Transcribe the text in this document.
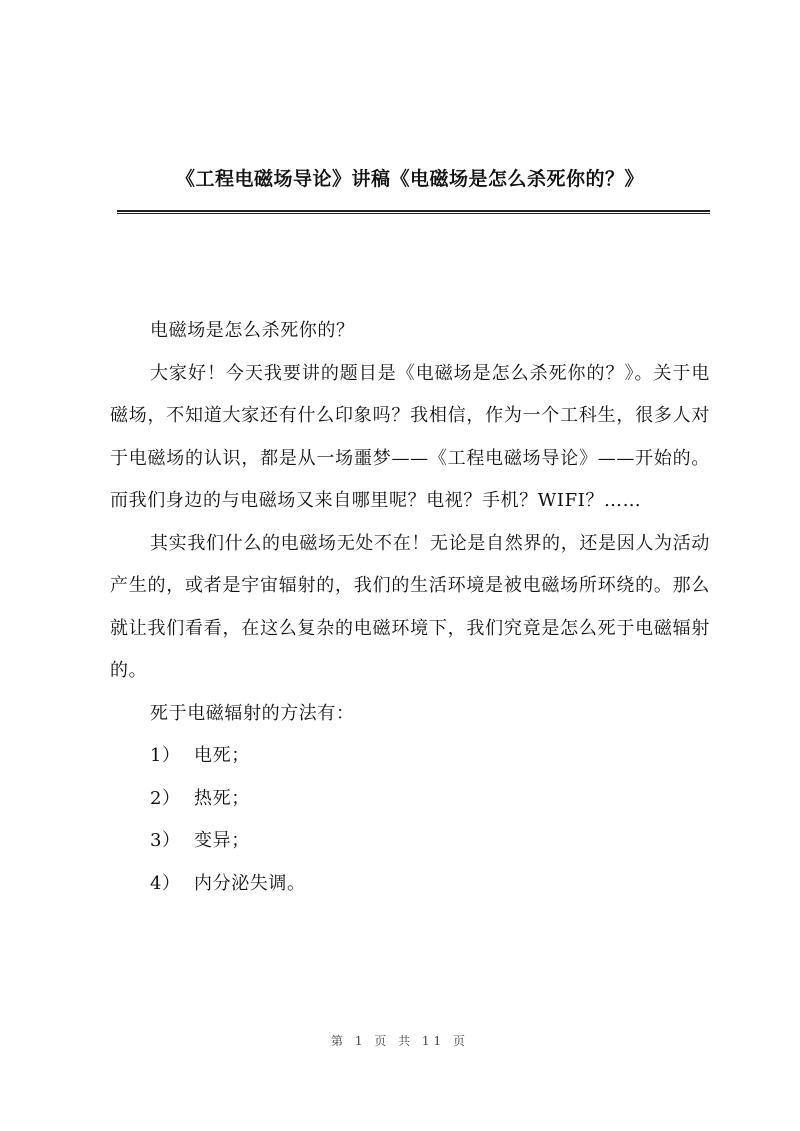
《工程电磁场导论》讲稿《电磁场是怎么杀死你的？》

电磁场是怎么杀死你的？

大家好！今天我要讲的题目是《电磁场是怎么杀死你的？》。关于电磁场，不知道大家还有什么印象吗？我相信，作为一个工科生，很多人对于电磁场的认识，都是从一场噩梦——《工程电磁场导论》——开始的。而我们身边的与电磁场又来自哪里呢？电视？手机？WIFI？……

其实我们什么的电磁场无处不在！无论是自然界的，还是因人为活动产生的，或者是宇宙辐射的，我们的生活环境是被电磁场所环绕的。那么就让我们看看，在这么复杂的电磁环境下，我们究竟是怎么死于电磁辐射的。

死于电磁辐射的方法有：

1） 电死；
2） 热死；
3） 变异；
4） 内分泌失调。
第 1 页 共 11 页
